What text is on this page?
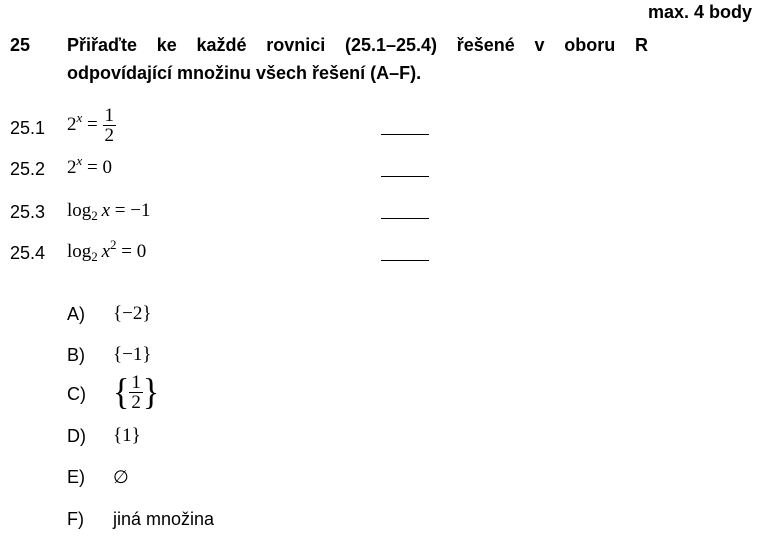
max. 4 body
25 Přiřaďte ke každé rovnici (25.1–25.4) řešené v oboru R
odpovídající množinu všech řešení (A–F).
25.1 $2^x = \frac{1}{2}$
25.2 $2^x = 0$
25.3 $\log_2 x = -1$
25.4 $\log_2 x^2 = 0$
A) {−2}
B) {−1}
C) { $\frac{1}{2}$ }
D) {1}
E) ∅
F) jiná množina
